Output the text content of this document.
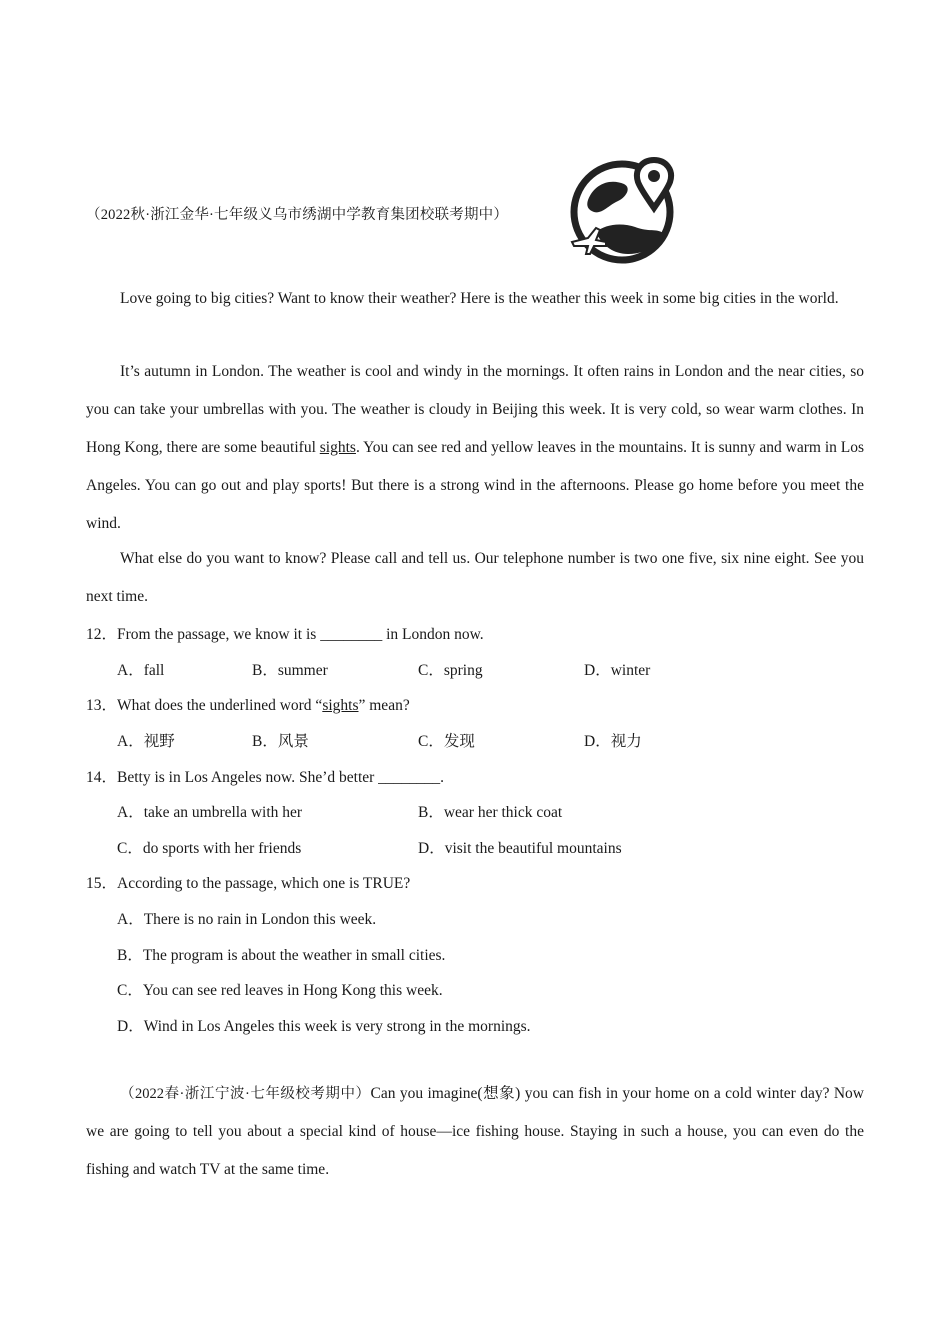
（2022秋·浙江金华·七年级义乌市绣湖中学教育集团校联考期中）

Love going to big cities? Want to know their weather? Here is the weather this week in some big cities in the world.

It’s autumn in London. The weather is cool and windy in the mornings. It often rains in London and the near cities, so you can take your umbrellas with you. The weather is cloudy in Beijing this week. It is very cold, so wear warm clothes. In Hong Kong, there are some beautiful sights. You can see red and yellow leaves in the mountains. It is sunny and warm in Los Angeles. You can go out and play sports! But there is a strong wind in the afternoons. Please go home before you meet the wind.

What else do you want to know? Please call and tell us. Our telephone number is two one five, six nine eight. See you next time.

12．From the passage, we know it is ________ in London now.
A．fall	B．summer	C．spring	D．winter
13．What does the underlined word “sights” mean?
A．视野	B．风景	C．发现	D．视力
14．Betty is in Los Angeles now. She’d better ________.
A．take an umbrella with her	B．wear her thick coat
C．do sports with her friends	D．visit the beautiful mountains
15．According to the passage, which one is TRUE?
A．There is no rain in London this week.
B．The program is about the weather in small cities.
C．You can see red leaves in Hong Kong this week.
D．Wind in Los Angeles this week is very strong in the mornings.

（2022春·浙江宁波·七年级校考期中）Can you imagine(想象) you can fish in your home on a cold winter day? Now we are going to tell you about a special kind of house—ice fishing house. Staying in such a house, you can even do the fishing and watch TV at the same time.
